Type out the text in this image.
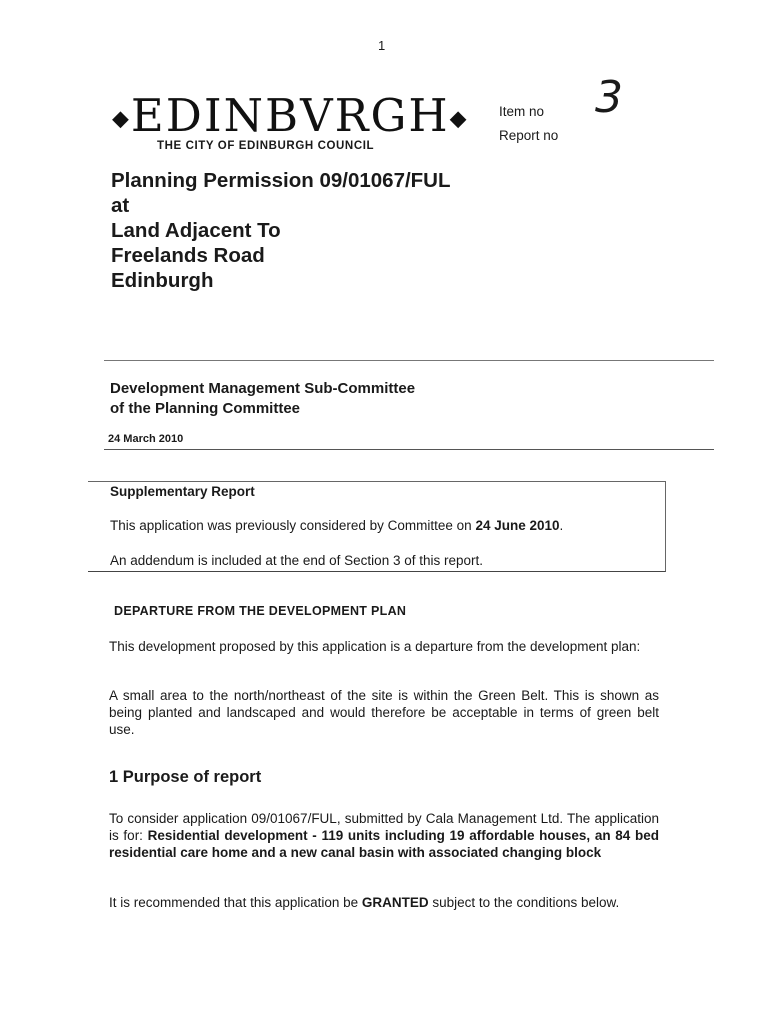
1
◆EDINBVRGH◆
THE CITY OF EDINBURGH COUNCIL
Item no
Report no
3
Planning Permission 09/01067/FUL
at
Land Adjacent To
Freelands Road
Edinburgh
Development Management Sub-Committee
of the Planning Committee
24 March 2010
Supplementary Report
This application was previously considered by Committee on 24 June 2010.
An addendum is included at the end of Section 3 of this report.
DEPARTURE FROM THE DEVELOPMENT PLAN
This development proposed by this application is a departure from the development plan:
A small area to the north/northeast of the site is within the Green Belt. This is shown as being planted and landscaped and would therefore be acceptable in terms of green belt use.
1 Purpose of report
To consider application 09/01067/FUL, submitted by Cala Management Ltd. The application is for: Residential development - 119 units including 19 affordable houses, an 84 bed residential care home and a new canal basin with associated changing block
It is recommended that this application be GRANTED subject to the conditions below.
